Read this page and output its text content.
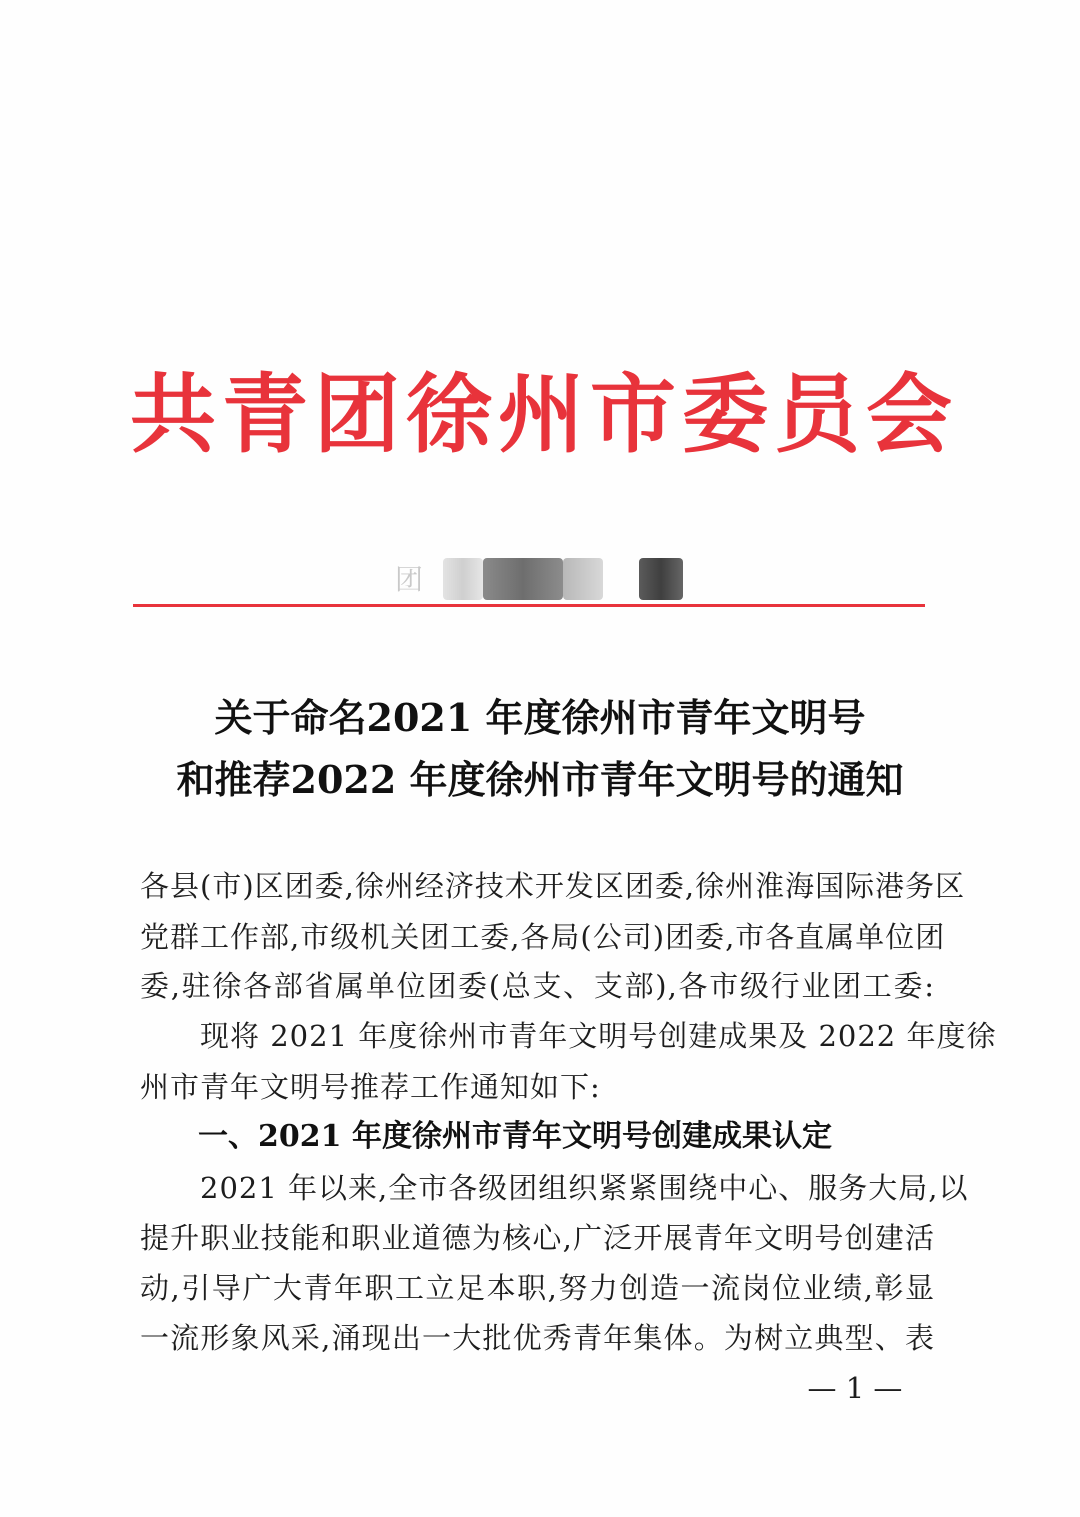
共青团徐州市委员会
团
关于命名2021 年度徐州市青年文明号
和推荐2022 年度徐州市青年文明号的通知
各县(市)区团委,徐州经济技术开发区团委,徐州淮海国际港务区
党群工作部,市级机关团工委,各局(公司)团委,市各直属单位团
委,驻徐各部省属单位团委(总支、支部),各市级行业团工委:
现将 2021 年度徐州市青年文明号创建成果及 2022 年度徐
州市青年文明号推荐工作通知如下:
一、2021 年度徐州市青年文明号创建成果认定
2021 年以来,全市各级团组织紧紧围绕中心、服务大局,以
提升职业技能和职业道德为核心,广泛开展青年文明号创建活
动,引导广大青年职工立足本职,努力创造一流岗位业绩,彰显
一流形象风采,涌现出一大批优秀青年集体。为树立典型、表
— 1 —
